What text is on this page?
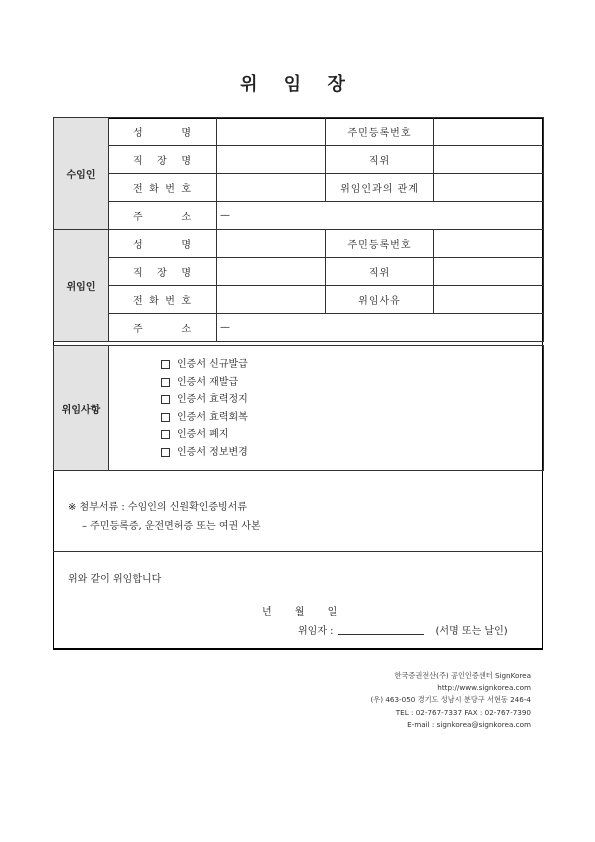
위 임 장
수임인	성 명		주민등록번호	
	직 장 명		직위	
	전 화 번 호		위임인과의 관계	
	주 소	—		
위임인	성 명		주민등록번호	
	직 장 명		직위	
	전 화 번 호		위임사유	
	주 소	—		
위임사항	
인증서 신규발급
인증서 재발급
인증서 효력정지
인증서 효력회복
인증서 폐지
인증서 정보변경
※ 첨부서류 : 수임인의 신원확인증빙서류
– 주민등록증, 운전면허증 또는 여권 사본
위와 같이 위임합니다
년 월 일
위임자 :	(서명 또는 날인)
한국증권전산(주) 공인인증센터 SignKorea
http://www.signkorea.com
(우) 463-050 경기도 성남시 분당구 서현동 246-4
TEL : 02-767-7337 FAX : 02-767-7390
E-mail : signkorea@signkorea.com
